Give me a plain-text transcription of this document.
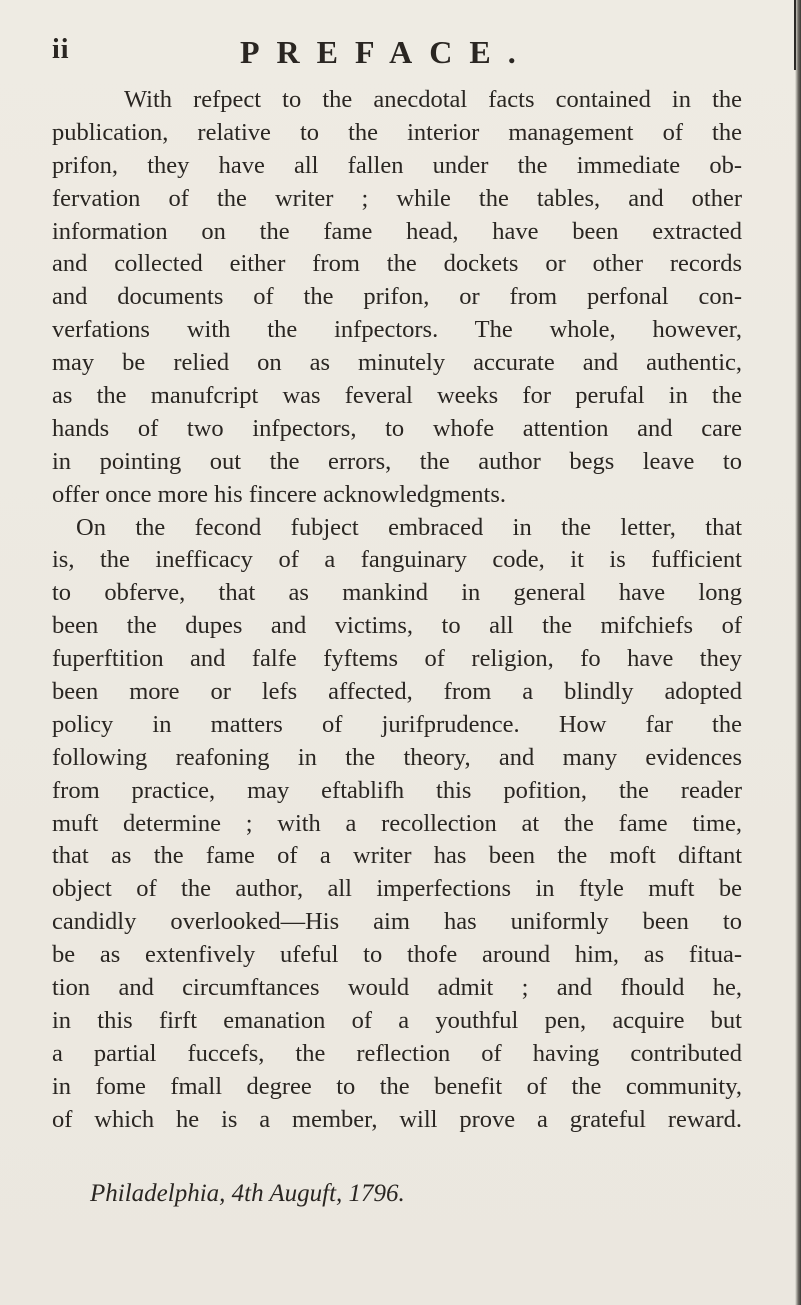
ii	PREFACE.
With refpect to the anecdotal facts contained in the
publication, relative to the interior management of the
prifon, they have all fallen under the immediate ob-
fervation of the writer ; while the tables, and other
information on the fame head, have been extracted
and collected either from the dockets or other records
and documents of the prifon, or from perfonal con-
verfations with the infpectors. The whole, however,
may be relied on as minutely accurate and authentic,
as the manufcript was feveral weeks for perufal in the
hands of two infpectors, to whofe attention and care
in pointing out the errors, the author begs leave to
offer once more his fincere acknowledgments.
On the fecond fubject embraced in the letter, that
is, the inefficacy of a fanguinary code, it is fufficient
to obferve, that as mankind in general have long
been the dupes and victims, to all the mifchiefs of
fuperftition and falfe fyftems of religion, fo have they
been more or lefs affected, from a blindly adopted
policy in matters of jurifprudence. How far the
following reafoning in the theory, and many evidences
from practice, may eftablifh this pofition, the reader
muft determine ; with a recollection at the fame time,
that as the fame of a writer has been the moft diftant
object of the author, all imperfections in ftyle muft be
candidly overlooked—His aim has uniformly been to
be as extenfively ufeful to thofe around him, as fitua-
tion and circumftances would admit ; and fhould he,
in this firft emanation of a youthful pen, acquire but
a partial fuccefs, the reflection of having contributed
in fome fmall degree to the benefit of the community,
of which he is a member, will prove a grateful reward.
Philadelphia, 4th Auguft, 1796.
